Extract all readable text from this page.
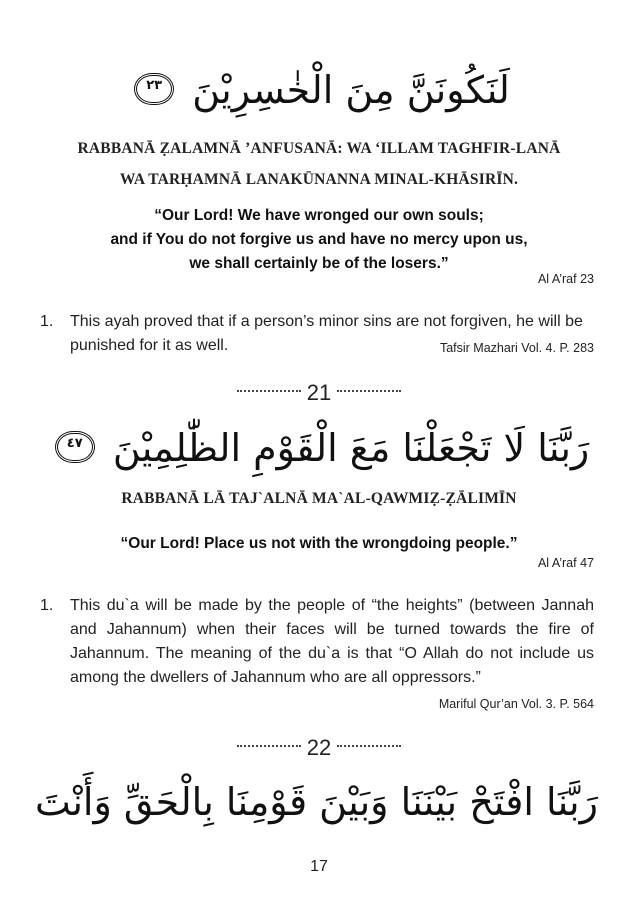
لَنَكُونَنَّ مِنَ الْخٰسِرِيْنَ ٢٣
RABBANĀ ẒALAMNĀ ’ANFUSANĀ: WA ‘ILLAM TAGHFIR-LANĀ
WA TARḤAMNĀ LANAKŪNANNA MINAL-KHĀSIRĪN.
“Our Lord! We have wronged our own souls;
and if You do not forgive us and have no mercy upon us,
we shall certainly be of the losers.”
Al A’raf 23
1. This ayah proved that if a person’s minor sins are not forgiven, he will be punished for it as well.	Tafsir Mazhari Vol. 4. P. 283
21
رَبَّنَا لَا تَجْعَلْنَا مَعَ الْقَوْمِ الظّٰلِمِيْنَ ٤٧
RABBANĀ LĀ TAJ`ALNĀ MA`AL-QAWMIẒ-ẒĀLIMĪN
“Our Lord! Place us not with the wrongdoing people.”
Al A’raf 47
1. This du`a will be made by the people of “the heights” (between Jannah and Jahannum) when their faces will be turned towards the fire of Jahannum. The meaning of the du`a is that “O Allah do not include us among the dwellers of Jahannum who are all oppressors.”
Mariful Qur’an Vol. 3. P. 564
22
رَبَّنَا افْتَحْ بَيْنَنَا وَبَيْنَ قَوْمِنَا بِالْحَقِّ وَأَنْتَ
17
